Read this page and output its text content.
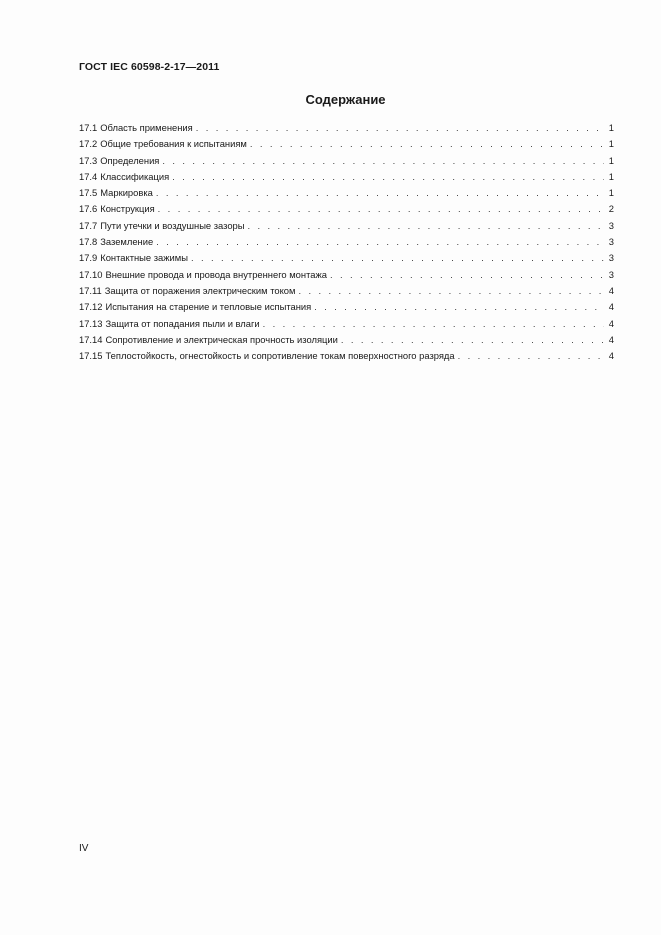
ГОСТ IEC 60598-2-17—2011
Содержание
17.1 Область применения . . .	1
17.2 Общие требования к испытаниям . . .	1
17.3 Определения . . .	1
17.4 Классификация . . .	1
17.5 Маркировка . . .	1
17.6 Конструкция . . .	2
17.7 Пути утечки и воздушные зазоры . . .	3
17.8 Заземление . . .	3
17.9 Контактные зажимы . . .	3
17.10 Внешние провода и провода внутреннего монтажа . . .	3
17.11 Защита от поражения электрическим током . . .	4
17.12 Испытания на старение и тепловые испытания . . .	4
17.13 Защита от попадания пыли и влаги . . .	4
17.14 Сопротивление и электрическая прочность изоляции . . .	4
17.15 Теплостойкость, огнестойкость и сопротивление токам поверхностного разряда . . .	4
IV
